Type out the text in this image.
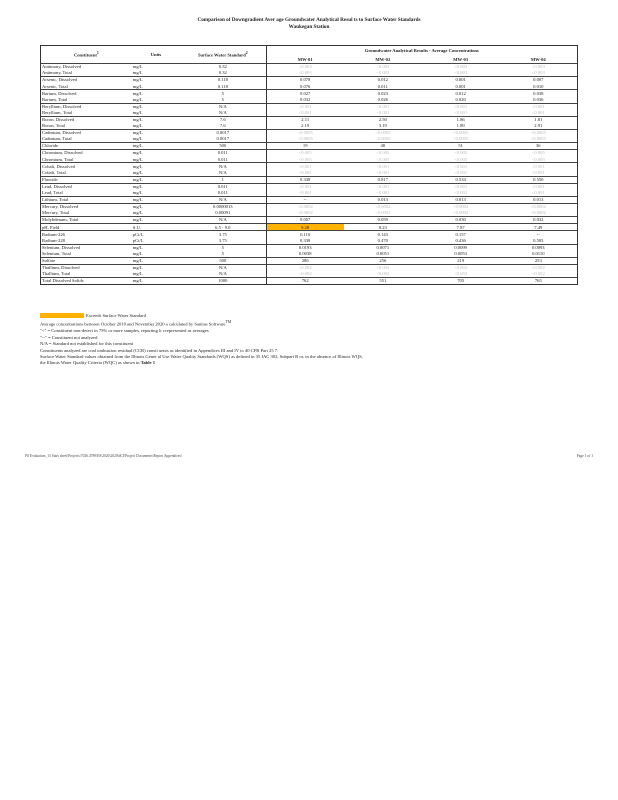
Comparison of Downgradient Aver age Groundwater Analytical Resul ts to Surface Water Standards
Waukegan Station
Constituent$^1$	Units	Surface Water Standard$^2$	Groundwater Analytical Results - Average Concentrations			
			MW-01	MW-02	MW-03	MW-04
Antimony, Dissolved	mg/L	0.32	<0.003	<0.003	<0.003	<0.003
Antimony, Total	mg/L	0.32	<0.003	<0.003	<0.003	<0.003
Arsenic, Dissolved	mg/L	0.118	0.078	0.012	0.001	0.007
Arsenic, Total	mg/L	0.118	0.076	0.011	0.001	0.010
Barium, Dissolved	mg/L	5	0.027	0.023	0.012	0.038
Barium, Total	mg/L	5	0.032	0.026	0.020	0.036
Beryllium, Dissolved	mg/L	N/A	<0.001	<0.001	<0.001	<0.001
Beryllium, Total	mg/L	N/A	<0.001	<0.001	<0.001	<0.001
Boron, Dissolved	mg/L	7.6	2.11	2.50	1.86	1.81
Boron, Total	mg/L	7.6	2.19	3.19	1.89	2.91
Cadmium, Dissolved	mg/L	0.0017	<0.0005	<0.0005	<0.0005	<0.0005
Cadmium, Total	mg/L	0.0017	<0.0005	<0.0005	<0.0005	<0.0005
Chloride	mg/L	500	19	48	51	36
Chromium, Dissolved	mg/L	0.011	<0.005	<0.005	<0.005	<0.005
Chromium, Total	mg/L	0.011	<0.005	<0.005	<0.005	<0.005
Cobalt, Dissolved	mg/L	N/A	<0.001	<0.001	<0.001	<0.001
Cobalt, Total	mg/L	N/A	<0.001	<0.001	<0.001	<0.001
Fluoride	mg/L	1	0.338	0.817	0.534	0.550
Lead, Dissolved	mg/L	0.011	<0.001	<0.001	<0.001	<0.001
Lead, Total	mg/L	0.011	<0.001	<0.001	<0.001	<0.001
Lithium, Total	mg/L	N/A	--	0.013	0.013	0.013
Mercury, Dissolved	mg/L	0.0000013	<0.0002	<0.0002	<0.0002	<0.0002
Mercury, Total	mg/L	0.00091	<0.0002	<0.0002	<0.0002	<0.0002
Molybdenum, Total	mg/L	N/A	0.057	0.059	0.030	0.032
pH, Field	S.U.	6.5 - 9.0	9.28	8.23	7.87	7.49
Radium-226	pCi/L	3.75	0.110	0.143	0.157	--
Radium-228	pCi/L	3.75	0.338	0.470	0.436	0.505
Selenium, Dissolved	mg/L	5	0.0193	0.0071	0.0099	0.0093
Selenium, Total	mg/L	5	0.0038	0.0051	0.0053	0.0110
Sulfate	mg/L	500	286	256	219	253
Thallium, Dissolved	mg/L	N/A	<0.002	<0.002	<0.002	<0.002
Thallium, Total	mg/L	N/A	<0.002	<0.002	<0.002	<0.002
Total Dissolved Solids	mg/L	1000	762	551	705	765
Exceeds Surface Water Standard
Average concentrations between October 2010 and November 2020 a calculated by Sanitas Software™
"<" = Constituent non-detect in 75% or more samples, reporting li ccepresented as averages
"--" = Constituent not analyzed
N/A = Standard not established for this constituent
Constituents analyzed are coal ombustion residual (CCR) consti uents as identified in Appendices III and IV to 40 CFR Part 25 7.
Surface Water Standard values obtained from the Illinois Gener al Use Water Quality Standards (WQS) as defined in 35 IAC 302, Subpart B or, in the absence of Illinois WQS,
the Illinois Water Quality Criteria (WQC) as shown in Table 1
Pil Evaluation_13 Stars sheet\Projects\7026.4789\ES\2020\2020\dCI\Project Documents\Report Appendices\	Page 1 of 1
